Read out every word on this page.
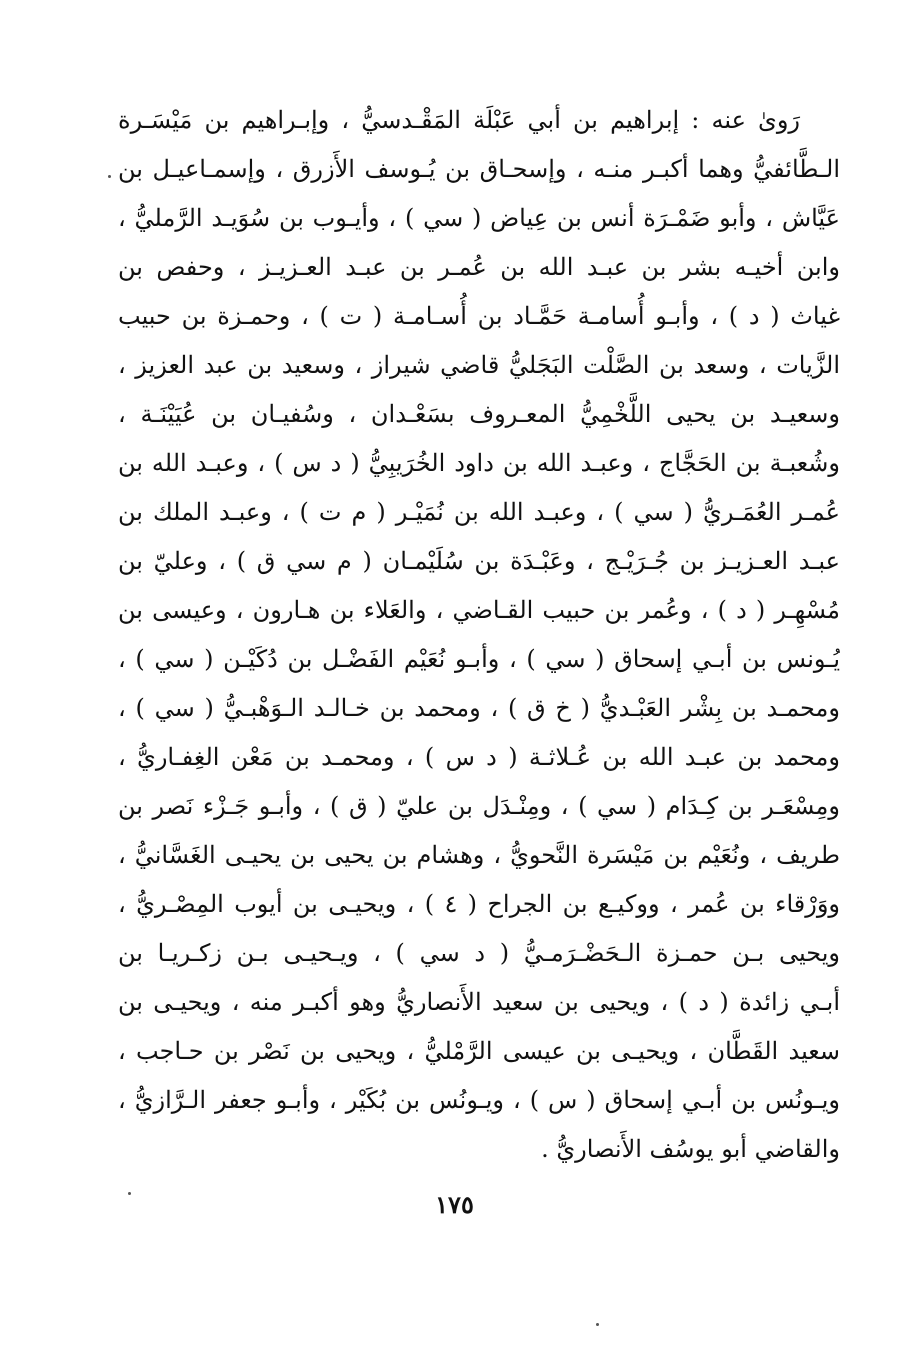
رَوىٰ عنه : إبراهيم بن أبي عَبْلَة المَقْـدسيُّ ، وإبـراهيم بن مَيْسَـرة
الـطَّائفيُّ وهما أكبـر منـه ، وإسحـاق بن يُـوسف الأَزرق ، وإسمـاعيـل بن
عَيَّاش ، وأبو ضَمْـرَة أنس بن عِياض ( سي ) ، وأيـوب بن سُوَيـد الرَّمليُّ ،
وابن أخيـه بشر بن عبـد الله بن عُمـر بن عبـد العـزيـز ، وحفص بن
غياث ( د ) ، وأبـو أُسامـة حَمَّـاد بن أُسـامـة ( ت ) ، وحمـزة بن حبيب
الزَّيات ، وسعد بن الصَّلْت البَجَليُّ قاضي شيراز ، وسعيد بن عبد العزيز ،
وسعيـد بن يحيى اللَّخْمِيُّ المعـروف بسَعْـدان ، وسُفيـان بن عُيَيْنَـة ،
وشُعبـة بن الحَجَّاج ، وعبـد الله بن داود الخُرَيبِيُّ ( د س ) ، وعبـد الله بن
عُمـر العُمَـريُّ ( سي ) ، وعبـد الله بن نُمَيْـر ( م ت ) ، وعبـد الملك بن
عبـد العـزيـز بن جُـرَيْـج ، وعَبْـدَة بن سُلَيْمـان ( م سي ق ) ، وعليّ بن
مُسْهِـر ( د ) ، وعُمر بن حبيب القـاضي ، والعَلاء بن هـارون ، وعيسى بن
يُـونس بن أبـي إسحاق ( سي ) ، وأبـو نُعَيْم الفَضْـل بن دُكَيْـن ( سي ) ،
ومحمـد بن بِشْر العَبْـديُّ ( خ ق ) ، ومحمد بن خـالـد الـوَهْبـيُّ ( سي ) ،
ومحمد بن عبـد الله بن عُـلاثـة ( د س ) ، ومحمـد بن مَعْن الغِفـاريُّ ،
ومِسْعَـر بن كِـدَام ( سي ) ، ومِنْـدَل بن عليّ ( ق ) ، وأبـو جَـزْء نَصر بن
طريف ، ونُعَيْم بن مَيْسَرة النَّحويُّ ، وهشام بن يحيى بن يحيـى الغَسَّانيُّ ،
ووَرْقاء بن عُمر ، ووكيـع بن الجراح ( ٤ ) ، ويحيـى بن أيوب المِصْـريُّ ،
ويحيى بـن حمـزة الـحَضْـرَمـيُّ ( د سي ) ، ويـحيـى بـن زكـريـا بن
أبـي زائدة ( د ) ، ويحيى بن سعيد الأَنصاريُّ وهو أكبـر منه ، ويحيـى بن
سعيد القَطَّان ، ويحيـى بن عيسى الرَّمْليُّ ، ويحيى بن نَصْر بن حـاجب ،
ويـونُس بن أبـي إسحاق ( س ) ، ويـونُس بن بُكَيْر ، وأبـو جعفر الـرَّازيُّ ،
والقاضي أبو يوسُف الأَنصاريُّ .
١٧٥
